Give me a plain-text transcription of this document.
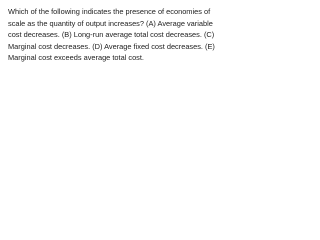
Which of the following indicates the presence of economies of
scale as the quantity of output increases? (A) Average variable
cost decreases. (B) Long-run average total cost decreases. (C)
Marginal cost decreases. (D) Average fixed cost decreases. (E)
Marginal cost exceeds average total cost.
